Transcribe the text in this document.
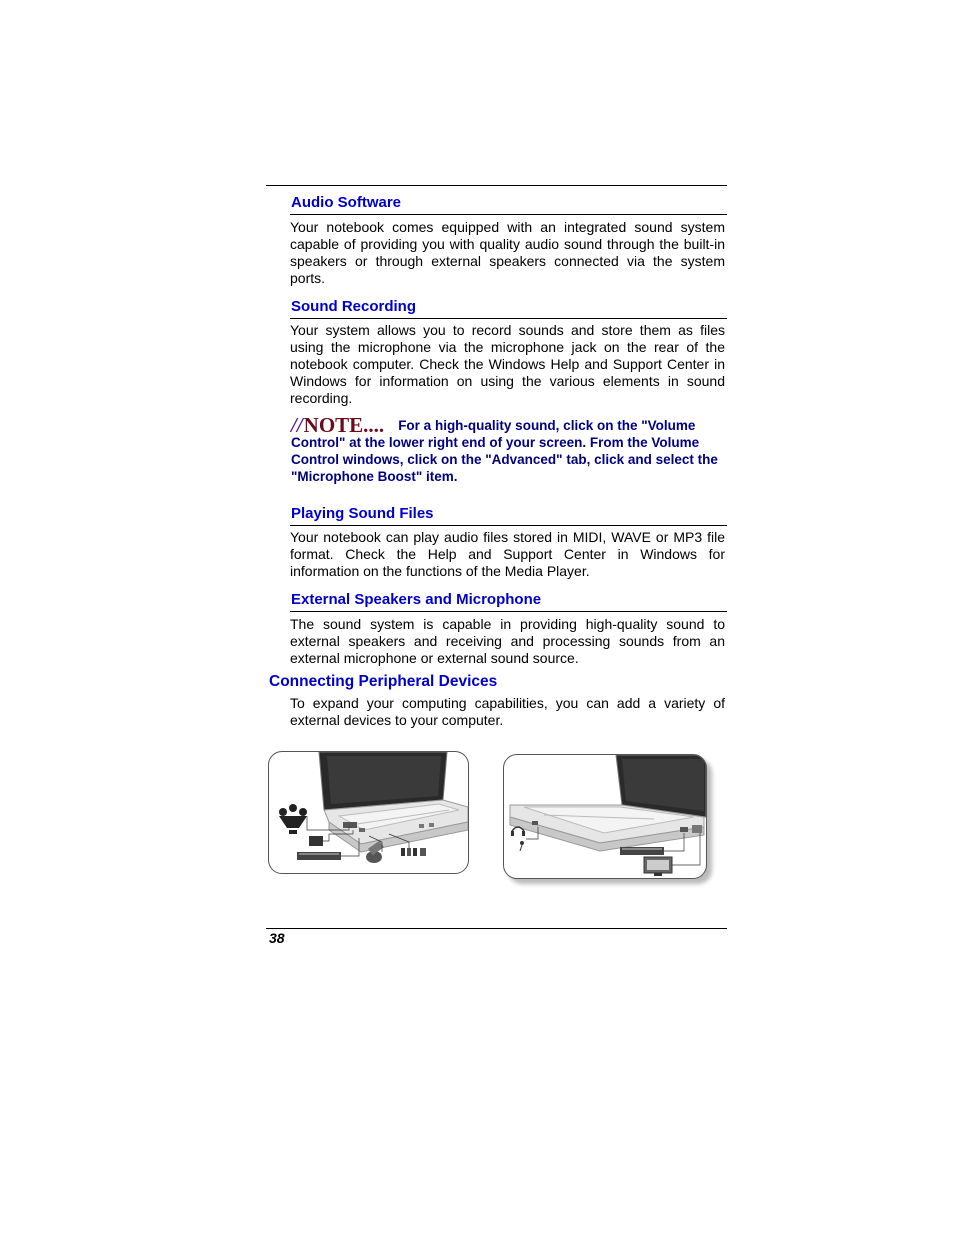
Audio Software
Your notebook comes equipped with an integrated sound system capable of providing you with quality audio sound through the built-in speakers or through external speakers connected via the system ports.
Sound Recording
Your system allows you to record sounds and store them as files using the microphone via the microphone jack on the rear of the notebook computer. Check the Windows Help and Support Center in Windows for information on using the various elements in sound recording.
//NOTE.... For a high-quality sound, click on the "Volume Control" at the lower right end of your screen. From the Volume Control windows, click on the "Advanced" tab, click and select the "Microphone Boost" item.
Playing Sound Files
Your notebook can play audio files stored in MIDI, WAVE or MP3 file format. Check the Help and Support Center in Windows for information on the functions of the Media Player.
External Speakers and Microphone
The sound system is capable in providing high-quality sound to external speakers and receiving and processing sounds from an external microphone or external sound source.
Connecting Peripheral Devices
To expand your computing capabilities, you can add a variety of external devices to your computer.
38
